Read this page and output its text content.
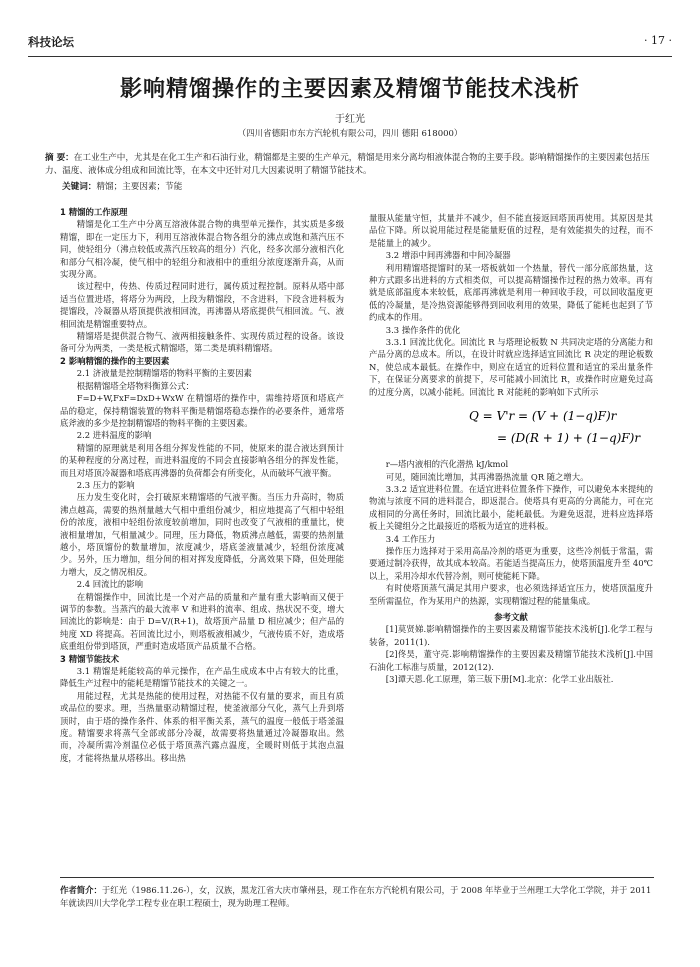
科技论坛	· 17 ·
影响精馏操作的主要因素及精馏节能技术浅析
于红光
（四川省德阳市东方汽轮机有限公司，四川 德阳 618000）
摘 要：在工业生产中，尤其是在化工生产和石油行业，精馏都是主要的生产单元，精馏是用来分离均相液体混合物的主要手段。影响精馏操作的主要因素包括压力、温度、液体成分组成和回流比等，在本文中还针对几大因素说明了精馏节能技术。
关键词：精馏；主要因素；节能
1 精馏的工作原理

精馏是化工生产中分离互溶液体混合物的典型单元操作，其实质是多级精馏，即在一定压力下，利用互溶液体混合物各组分的沸点或饱和蒸汽压不同，使轻组分（沸点较低或蒸汽压较高的组分）汽化，经多次部分液相汽化和部分气相冷凝，使气相中的轻组分和液相中的重组分浓度逐渐升高，从而实现分离。

该过程中，传热、传质过程同时进行，属传质过程控制。原料从塔中部适当位置进塔，将塔分为两段，上段为精馏段，不含进料，下段含进料板为提馏段，冷凝器从塔顶提供液相回流，再沸器从塔底提供气相回流。气、液相回流是精馏重要特点。

精馏塔是提供混合物气、液两相接触条件、实现传质过程的设备。该设备可分为两类，一类是板式精馏塔，第二类是填料精馏塔。

2 影响精馏的操作的主要因素

2.1 济液量是控制精馏塔的物料平衡的主要因素

根据精馏塔全塔物料衡算公式：

F=D+W,FxF=DxD+WxW 在精馏塔的操作中，需维持塔顶和塔底产品的稳定，保持精馏装置的物料平衡是精馏塔稳态操作的必要条件，通常塔底斧液的多少是控制精馏塔的物料平衡的主要因素。

2.2 进料温度的影响

精馏的原理就是利用各组分挥发性能的不同，使原来的混合液达到预计的某种程度的分离过程，而进料温度的不同会直接影响各组分的挥发性能，而且对塔顶冷凝器和塔底再沸器的负荷都会有所变化，从而破坏气液平衡。

2.3 压力的影响

压力发生变化时，会打破原来精馏塔的气液平衡。当压力升高时，物质沸点越高，需要的热剂量越大气相中重组份减少，相应地提高了气相中轻组份的浓度，液相中轻组份浓度较前增加，同时也改变了气液相的重量比，使液相量增加，气相量减少。同理，压力降低，物质沸点越低，需要的热剂量越小，塔顶馏份的数量增加，浓度减少，塔底釜液量减少，轻组份浓度减少。另外，压力增加，组分间的相对挥发度降低，分离效果下降，但处理能力增大，反之情况相反。

2.4 回流比的影响

在精馏操作中，回流比是一个对产品的质量和产量有重大影响而又便于调节的参数。当蒸汽的最大流率 V 和进料的流率、组成、热状况不变，增大回流比的影响是：由于 D=V/(R+1)，故塔顶产品量 D 相应减少；但产品的纯度 XD 将提高。若回流比过小，则塔板液相减少，气液传质不好，造成塔底重组份带到塔顶，严重时造成塔顶产品质量不合格。

3 精馏节能技术

3.1 精馏是耗能较高的单元操作，在产品生成成本中占有较大的比重，降低生产过程中的能耗是精馏节能技术的关键之一。

用能过程，尤其是热能的使用过程，对热能不仅有量的要求，而且有质或品位的要求。理，当热量驱动精馏过程，使釜液部分气化，蒸气上升到塔顶时，由于塔的操作条件、体系的相平衡关系，蒸气的温度一般低于塔釜温度。精馏要求将蒸气全部或部分冷凝，故需要将热量通过冷凝器取出。然而，冷凝所需冷剂温位必低于塔顶蒸汽露点温度，全暖时则低于其泡点温度，才能将热量从塔移出。移出热

量服从能量守恒，其量并不减少，但不能直接返回塔顶再使用。其原因是其品位下降。所以说用能过程是能量贬值的过程，是有效能损失的过程，而不是能量上的减少。

3.2 增添中间再沸器和中间冷凝器

利用精馏塔提馏时的某一塔板就如一个热量，替代一部分底部热量，这种方式跟多出进料的方式相类似，可以提高精馏操作过程的热力效率。再有就是底部温度本来较低，底部再沸就是利用一种回收手段，可以回收温度更低的冷凝量，是冷热资源能够得到回收利用的效果，降低了能耗也起到了节约成本的作用。

3.3 操作条件的优化

3.3.1 回流比优化。回流比 R 与塔理论板数 N 共同决定塔的分离能力和产品分离的总成本。所以，在设计时就应选择适宜回流比 R 决定的理论板数 N，使总成本最低。在操作中，则应在适宜的近料位置和适宜的采出量条件下，在保证分离要求的前提下，尽可能减小回流比 R，或操作时应避免过高的过度分离，以减小能耗。回流比 R 对能耗的影响如下式所示

Q = V'r = (V + (1−q)F)r
= (D(R + 1) + (1−q)F)r

r—塔内液相的汽化潜热 kJ/kmol

可见，随回流比增加，其再沸器热流量 QR 随之增大。

3.3.2 适宜进料位置。在适宜进料位置条件下操作，可以避免本来提纯的物流与浓度不同的进料混合，即返混合。使塔具有更高的分离能力，可在完成相同的分离任务时，回流比最小，能耗最低。为避免返混，进料应选择塔板上关键组分之比最接近的塔板为适宜的进料板。

3.4 工作压力

操作压力选择对于采用高品冷剂的塔更为重要，这些冷剂低于常温，需要通过制冷获得，故其成本较高。若能适当提高压力，使塔顶温度升至 40℃以上，采用冷却水代替冷剂，则可使能耗下降。

有时使塔顶蒸气满足其用户要求，也必须选择适宜压力，使塔顶温度升至所需温位，作为某用户的热源，实现精馏过程的能量集成。

参考文献

[1]莫贤娣.影响精馏操作的主要因素及精馏节能技术浅析[J].化学工程与装备，2011(1).

[2]佟昊，董守亮.影响精馏操作的主要因素及精馏节能技术浅析[J].中国石油化工标准与质量，2012(12).

[3]谭天恩.化工原理，第三版下册[M].北京：化学工业出版社.

作者简介：于红光（1986.11.26-），女，汉族，黑龙江省大庆市肇州县，现工作在东方汽轮机有限公司，于 2008 年毕业于兰州理工大学化工学院，并于 2011 年就读四川大学化学工程专业在职工程硕士，现为助理工程师。
